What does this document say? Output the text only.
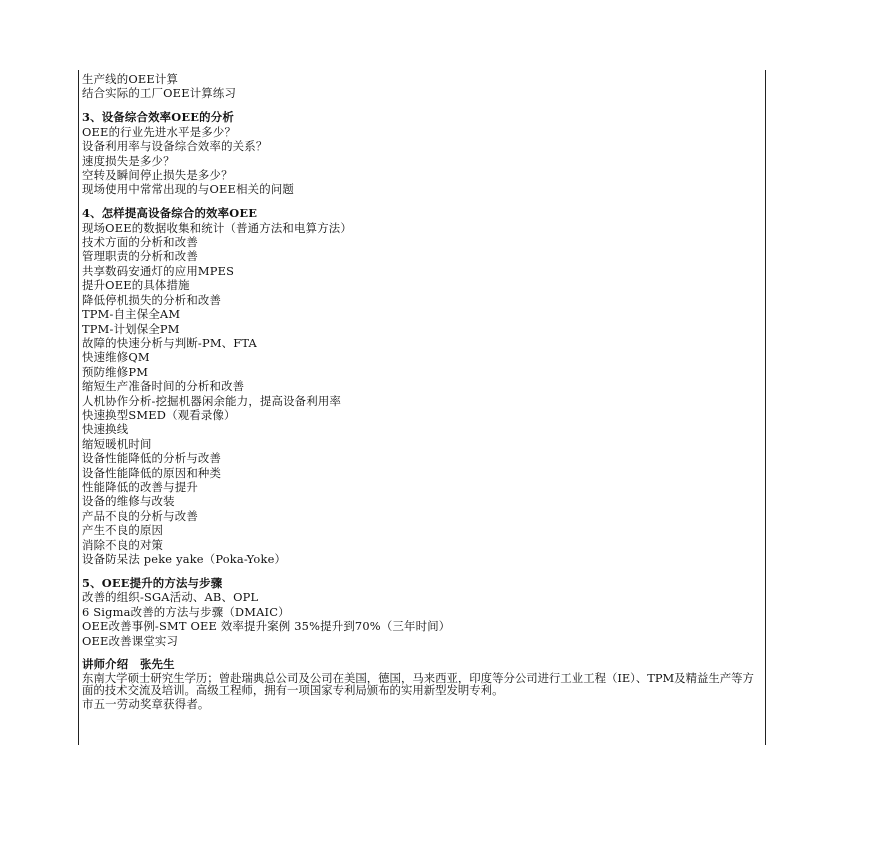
生产线的OEE计算
结合实际的工厂OEE计算练习
3、设备综合效率OEE的分析
OEE的行业先进水平是多少？
设备利用率与设备综合效率的关系？
速度损失是多少？
空转及瞬间停止损失是多少？
现场使用中常常出现的与OEE相关的问题
4、怎样提高设备综合的效率OEE
现场OEE的数据收集和统计（普通方法和电算方法）
技术方面的分析和改善
管理职责的分析和改善
共享数码安通灯的应用MPES
提升OEE的具体措施
降低停机损失的分析和改善
TPM-自主保全AM
TPM-计划保全PM
故障的快速分析与判断-PM、FTA
快速维修QM
预防维修PM
缩短生产准备时间的分析和改善
人机协作分析-挖掘机器闲余能力，提高设备利用率
快速换型SMED（观看录像）
快速换线
缩短暖机时间
设备性能降低的分析与改善
设备性能降低的原因和种类
性能降低的改善与提升
设备的维修与改装
产品不良的分析与改善
产生不良的原因
消除不良的对策
设备防呆法 peke yake（Poka-Yoke）
5、OEE提升的方法与步骤
改善的组织-SGA活动、AB、OPL
6 Sigma改善的方法与步骤（DMAIC）
OEE改善事例-SMT OEE 效率提升案例 35%提升到70%（三年时间）
OEE改善课堂实习
讲师介绍　张先生
东南大学硕士研究生学历；曾赴瑞典总公司及公司在美国，德国，马来西亚，印度等分公司进行工业工程（IE）、TPM及精益生产等方面的技术交流及培训。高级工程师，拥有一项国家专利局颁布的实用新型发明专利。
市五一劳动奖章获得者。
